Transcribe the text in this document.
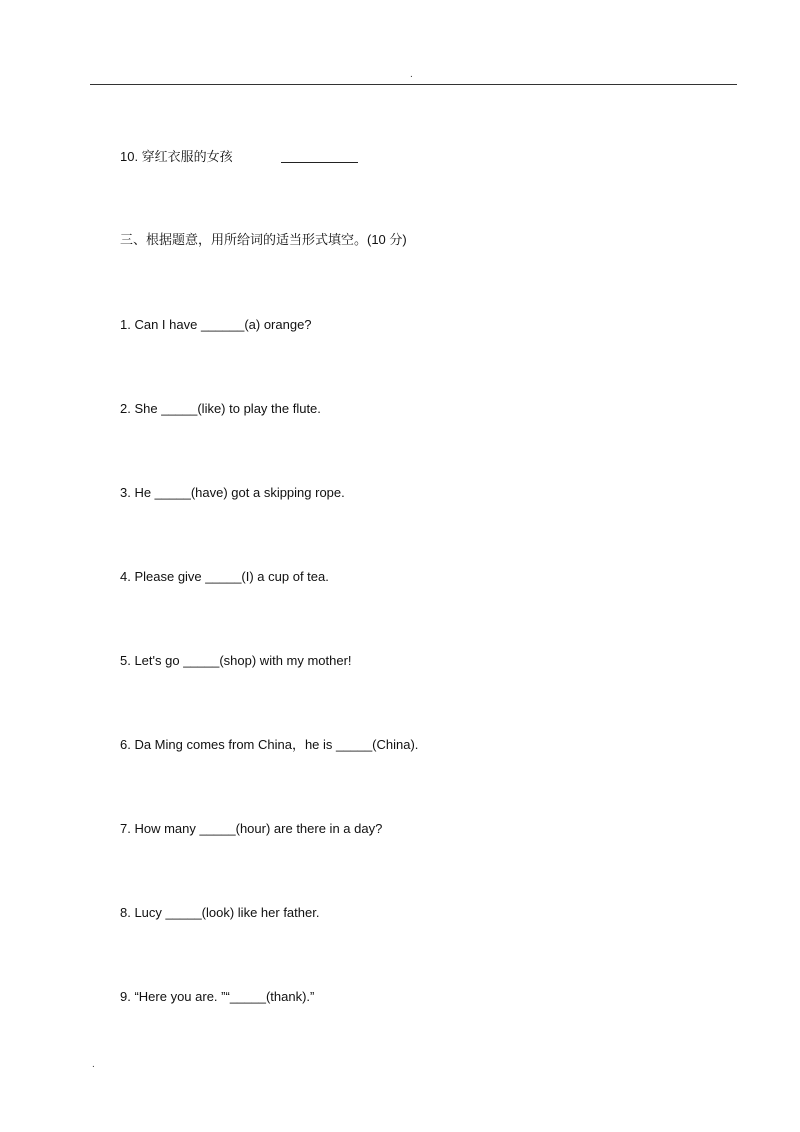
.
10. 穿红衣服的女孩
三、根据题意，用所给词的适当形式填空。(10 分)
1. Can I have ______(a) orange?
2. She _____(like) to play the flute.
3. He _____(have) got a skipping rope.
4. Please give _____(I) a cup of tea.
5. Let's go _____(shop) with my mother!
6. Da Ming comes from China，he is _____(China).
7. How many _____(hour) are there in a day?
8. Lucy _____(look) like her father.
9. “Here you are. ”“_____(thank).”
.
